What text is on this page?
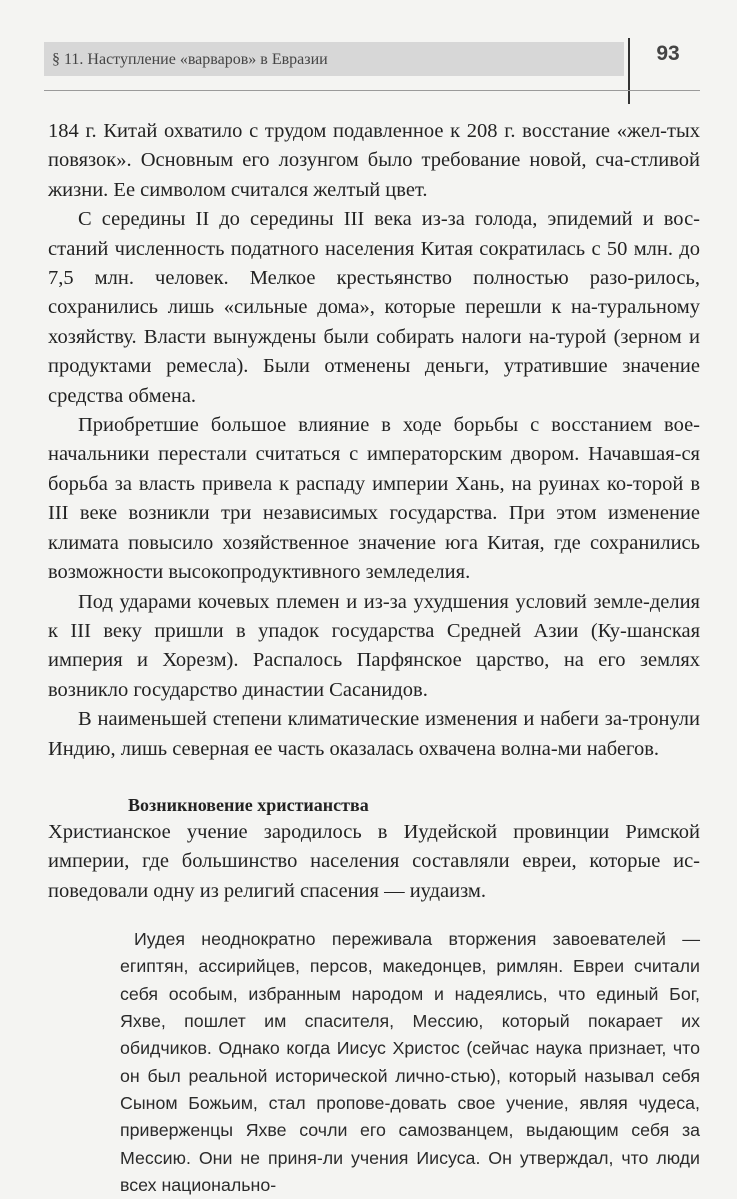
§ 11. Наступление «варваров» в Евразии	93

184 г. Китай охватило с трудом подавленное к 208 г. восстание «жел-тых повязок». Основным его лозунгом было требование новой, сча-стливой жизни. Ее символом считался желтый цвет.

С середины II до середины III века из-за голода, эпидемий и вос-станий численность податного населения Китая сократилась с 50 млн. до 7,5 млн. человек. Мелкое крестьянство полностью разо-рилось, сохранились лишь «сильные дома», которые перешли к на-туральному хозяйству. Власти вынуждены были собирать налоги на-турой (зерном и продуктами ремесла). Были отменены деньги, утратившие значение средства обмена.

Приобретшие большое влияние в ходе борьбы с восстанием вое-начальники перестали считаться с императорским двором. Начавшая-ся борьба за власть привела к распаду империи Хань, на руинах ко-торой в III веке возникли три независимых государства. При этом изменение климата повысило хозяйственное значение юга Китая, где сохранились возможности высокопродуктивного земледелия.

Под ударами кочевых племен и из-за ухудшения условий земле-делия к III веку пришли в упадок государства Средней Азии (Ку-шанская империя и Хорезм). Распалось Парфянское царство, на его землях возникло государство династии Сасанидов.

В наименьшей степени климатические изменения и набеги за-тронули Индию, лишь северная ее часть оказалась охвачена волна-ми набегов.

Возникновение христианства

Христианское учение зародилось в Иудейской провинции Римской империи, где большинство населения составляли евреи, которые ис-поведовали одну из религий спасения — иудаизм.

Иудея неоднократно переживала вторжения завоевателей — египтян, ассирийцев, персов, македонцев, римлян. Евреи считали себя особым, избранным народом и надеялись, что единый Бог, Яхве, пошлет им спасителя, Мессию, который покарает их обидчиков. Однако когда Иисус Христос (сейчас наука признает, что он был реальной исторической лично-стью), который называл себя Сыном Божьим, стал пропове-довать свое учение, являя чудеса, приверженцы Яхве сочли его самозванцем, выдающим себя за Мессию. Они не приня-ли учения Иисуса. Он утверждал, что люди всех национально-
